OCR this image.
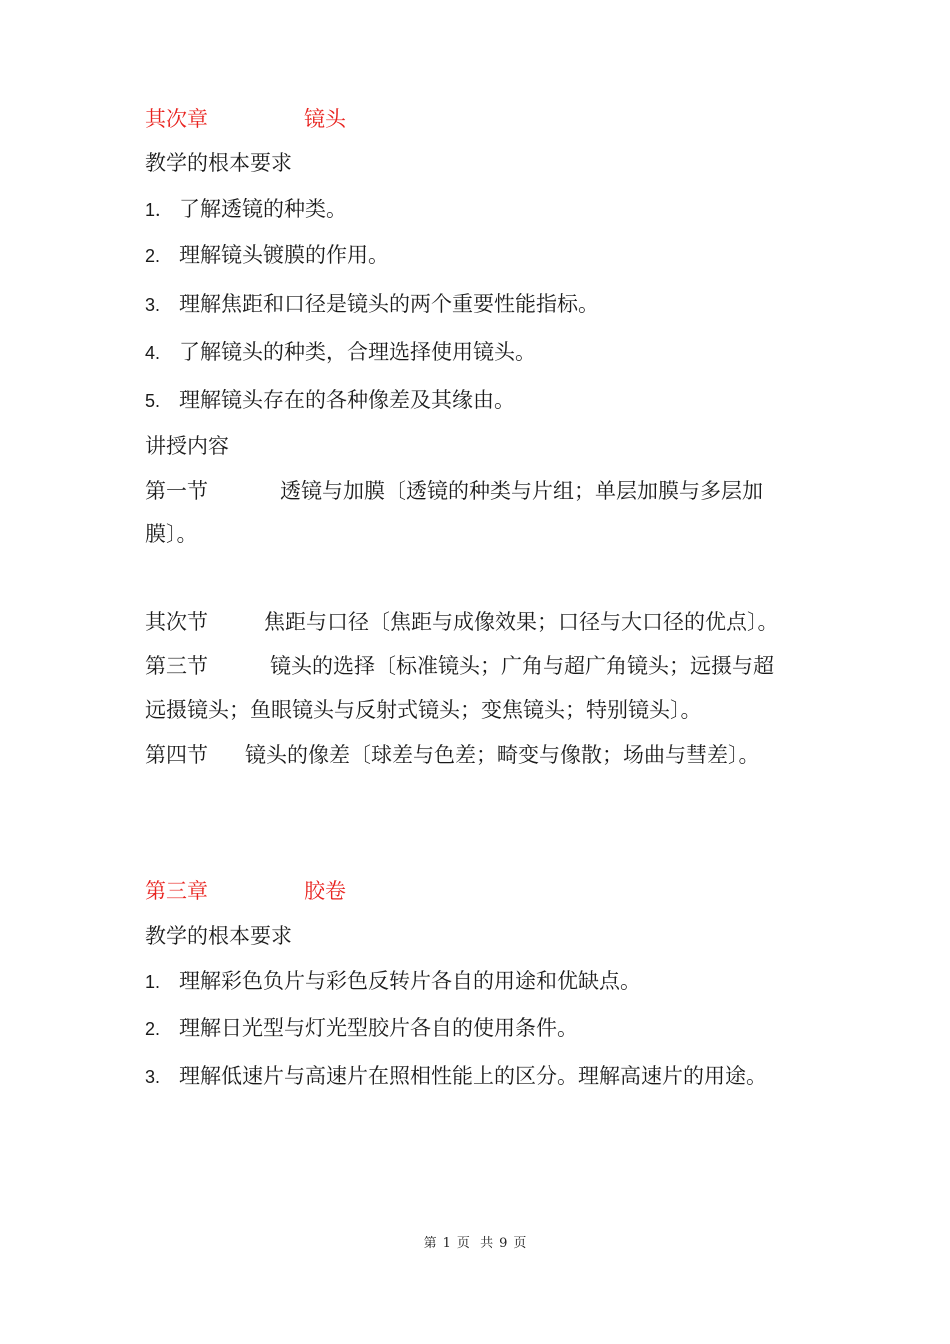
其次章	镜头
教学的根本要求
1． 了解透镜的种类。
2. 理解镜头镀膜的作用。
3. 理解焦距和口径是镜头的两个重要性能指标。
4. 了解镜头的种类，合理选择使用镜头。
5. 理解镜头存在的各种像差及其缘由。
讲授内容
第一节	透镜与加膜〔透镜的种类与片组；单层加膜与多层加
膜〕。
其次节	焦距与口径〔焦距与成像效果；口径与大口径的优点〕。
第三节	镜头的选择〔标准镜头；广角与超广角镜头；远摄与超
远摄镜头；鱼眼镜头与反射式镜头；变焦镜头；特别镜头〕。
第四节 镜头的像差〔球差与色差；畸变与像散；场曲与彗差〕。
第三章	胶卷
教学的根本要求
1. 理解彩色负片与彩色反转片各自的用途和优缺点。
2. 理解日光型与灯光型胶片各自的使用条件。
3. 理解低速片与高速片在照相性能上的区分。理解高速片的用途。
第 1 页 共 9 页
